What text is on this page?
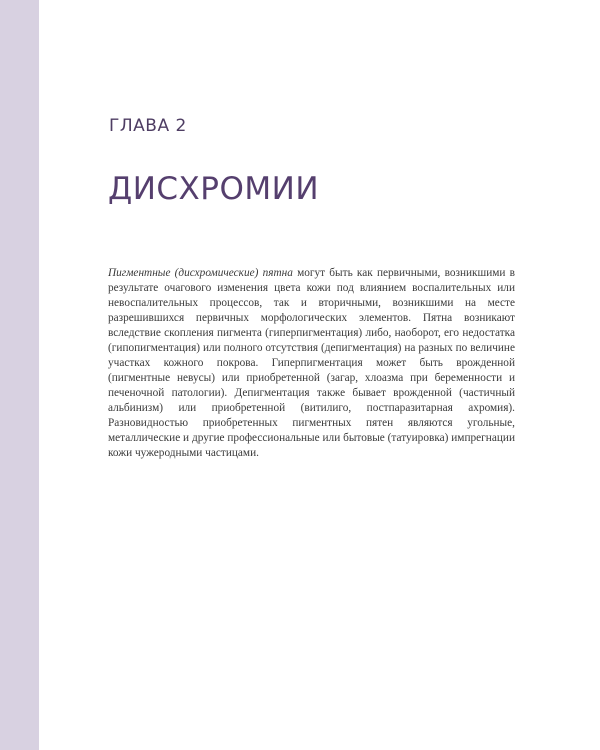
ГЛАВА 2
ДИСХРОМИИ

Пигментные (дисхромические) пятна могут быть как первичными, возникшими в результате очагового изменения цвета кожи под влиянием воспалительных или невоспалительных процессов, так и вторичными, возникшими на месте разрешившихся первичных морфологических элементов. Пятна возникают вследствие скопления пигмента (гиперпигментация) либо, наоборот, его недостатка (гипопигментация) или полного отсутствия (депигментация) на разных по величине участках кожного покрова. Гиперпигментация может быть врожденной (пигментные невусы) или приобретенной (загар, хлоазма при беременности и печеночной патологии). Депигментация также бывает врожденной (частичный альбинизм) или приобретенной (витилиго, постпаразитарная ахромия). Разновидностью приобретенных пигментных пятен являются угольные, металлические и другие профессиональные или бытовые (татуировка) импрегнации кожи чужеродными частицами.
